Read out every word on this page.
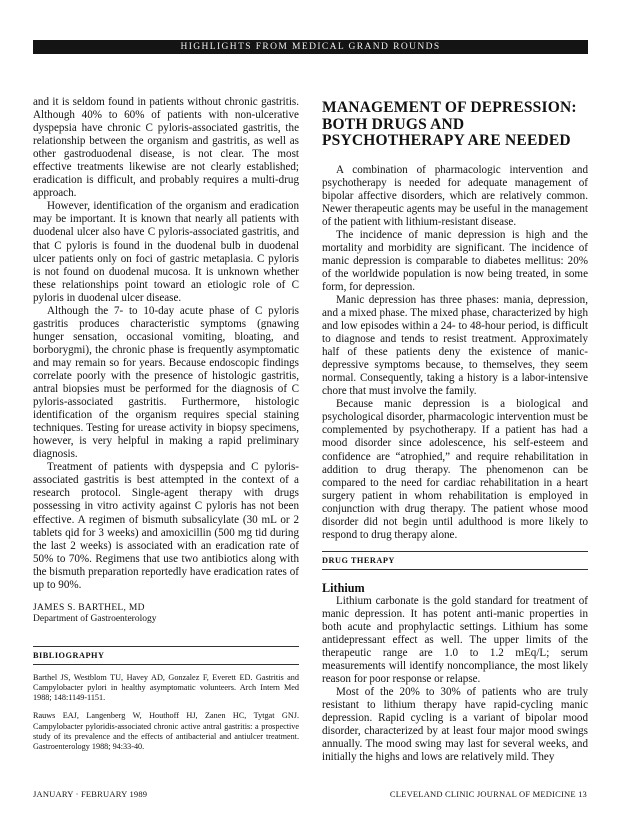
HIGHLIGHTS FROM MEDICAL GRAND ROUNDS

and it is seldom found in patients without chronic gastritis. Although 40% to 60% of patients with non-ulcerative dyspepsia have chronic C pyloris-associated gastritis, the relationship between the organism and gastritis, as well as other gastroduodenal disease, is not clear. The most effective treatments likewise are not clearly established; eradication is difficult, and probably requires a multi-drug approach.

However, identification of the organism and eradication may be important. It is known that nearly all patients with duodenal ulcer also have C pyloris-associated gastritis, and that C pyloris is found in the duodenal bulb in duodenal ulcer patients only on foci of gastric metaplasia. C pyloris is not found on duodenal mucosa. It is unknown whether these relationships point toward an etiologic role of C pyloris in duodenal ulcer disease.

Although the 7- to 10-day acute phase of C pyloris gastritis produces characteristic symptoms (gnawing hunger sensation, occasional vomiting, bloating, and borborygmi), the chronic phase is frequently asymptomatic and may remain so for years. Because endoscopic findings correlate poorly with the presence of histologic gastritis, antral biopsies must be performed for the diagnosis of C pyloris-associated gastritis. Furthermore, histologic identification of the organism requires special staining techniques. Testing for urease activity in biopsy specimens, however, is very helpful in making a rapid preliminary diagnosis.

Treatment of patients with dyspepsia and C pyloris-associated gastritis is best attempted in the context of a research protocol. Single-agent therapy with drugs possessing in vitro activity against C pyloris has not been effective. A regimen of bismuth subsalicylate (30 mL or 2 tablets qid for 3 weeks) and amoxicillin (500 mg tid during the last 2 weeks) is associated with an eradication rate of 50% to 70%. Regimens that use two antibiotics along with the bismuth preparation reportedly have eradication rates of up to 90%.

JAMES S. BARTHEL, MD
Department of Gastroenterology
BIBLIOGRAPHY

Barthel JS, Westblom TU, Havey AD, Gonzalez F, Everett ED. Gastritis and Campylobacter pylori in healthy asymptomatic volunteers. Arch Intern Med 1988; 148:1149-1151.

Rauws EAJ, Langenberg W, Houthoff HJ, Zanen HC, Tytgat GNJ. Campylobacter pyloridis-associated chronic active antral gastritis: a prospective study of its prevalence and the effects of antibacterial and antiulcer treatment. Gastroenterology 1988; 94:33-40.

MANAGEMENT OF DEPRESSION: BOTH DRUGS AND PSYCHOTHERAPY ARE NEEDED

A combination of pharmacologic intervention and psychotherapy is needed for adequate management of bipolar affective disorders, which are relatively common. Newer therapeutic agents may be useful in the management of the patient with lithium-resistant disease.

The incidence of manic depression is high and the mortality and morbidity are significant. The incidence of manic depression is comparable to diabetes mellitus: 20% of the worldwide population is now being treated, in some form, for depression.

Manic depression has three phases: mania, depression, and a mixed phase. The mixed phase, characterized by high and low episodes within a 24- to 48-hour period, is difficult to diagnose and tends to resist treatment. Approximately half of these patients deny the existence of manic-depressive symptoms because, to themselves, they seem normal. Consequently, taking a history is a labor-intensive chore that must involve the family.

Because manic depression is a biological and psychological disorder, pharmacologic intervention must be complemented by psychotherapy. If a patient has had a mood disorder since adolescence, his self-esteem and confidence are “atrophied,” and require rehabilitation in addition to drug therapy. The phenomenon can be compared to the need for cardiac rehabilitation in a heart surgery patient in whom rehabilitation is employed in conjunction with drug therapy. The patient whose mood disorder did not begin until adulthood is more likely to respond to drug therapy alone.

DRUG THERAPY
Lithium

Lithium carbonate is the gold standard for treatment of manic depression. It has potent anti-manic properties in both acute and prophylactic settings. Lithium has some antidepressant effect as well. The upper limits of the therapeutic range are 1.0 to 1.2 mEq/L; serum measurements will identify noncompliance, the most likely reason for poor response or relapse.

Most of the 20% to 30% of patients who are truly resistant to lithium therapy have rapid-cycling manic depression. Rapid cycling is a variant of bipolar mood disorder, characterized by at least four major mood swings annually. The mood swing may last for several weeks, and initially the highs and lows are relatively mild. They

JANUARY · FEBRUARY 1989	CLEVELAND CLINIC JOURNAL OF MEDICINE 13
